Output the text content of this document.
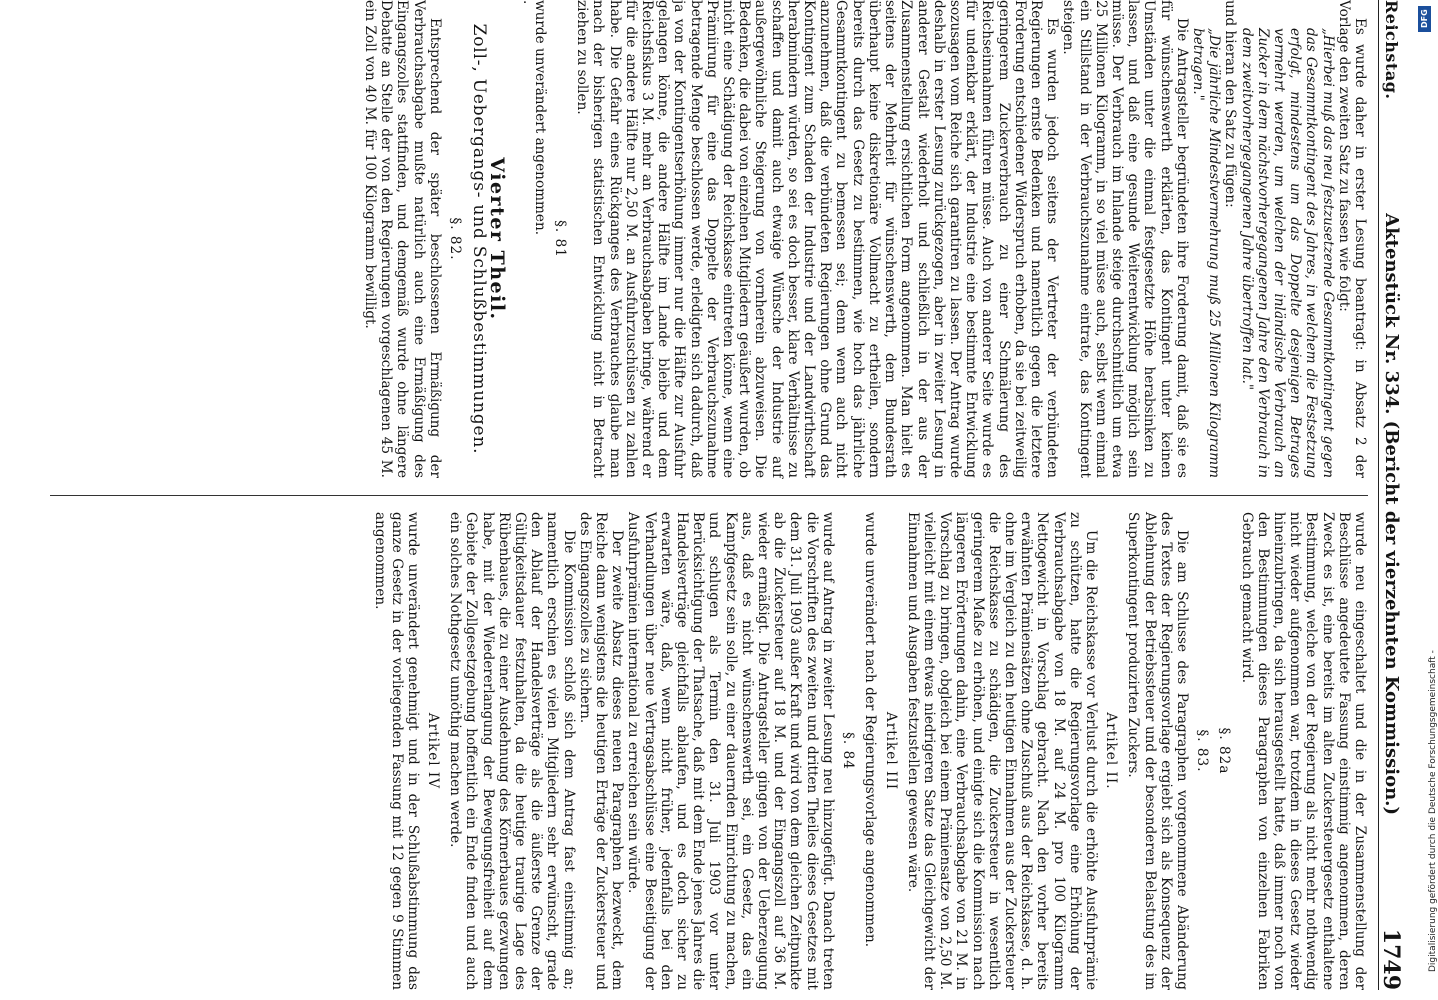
Reichstag.
Aktenstück Nr. 334. (Bericht der vierzehnten Kommission.)
1749

Es wurde daher in erster Lesung beantragt: in Absatz 2 der Vorlage den zweiten Satz zu fassen wie folgt:

„Hierbei muß das neu festzusetzende Gesammtkontingent gegen das Gesammtkontingent des Jahres, in welchem die Festsetzung erfolgt, mindestens um das Doppelte desjenigen Betrages vermehrt werden, um welchen der inländische Verbrauch an Zucker in dem nächstvorhergegangenen Jahre den Verbrauch in dem zweitvorhergegangenen Jahre übertroffen hat."

und hieran den Satz zu fügen:

„Die jährliche Mindestvermehrung muß 25 Millionen Kilogramm betragen."

Die Antragsteller begründeten ihre Forderung damit, daß sie es für wünschenswerth erklärten, das Kontingent unter keinen Umständen unter die einmal festgesetzte Höhe herabsinken zu lassen, und daß eine gesunde Weiterentwicklung möglich sein müsse. Der Verbrauch im Inlande steige durchschnittlich um etwa 25 Millionen Kilogramm, in so viel müsse auch, selbst wenn einmal ein Stillstand in der Verbrauchszunahme eintrate, das Kontingent steigen.

Es wurden jedoch seitens der Vertreter der verbündeten Regierungen ernste Bedenken und namentlich gegen die letztere Forderung entschiedener Widerspruch erhoben, da sie bei zeitweilig geringerem Zuckerverbrauch zu einer Schmälerung des Reichseinnahmen führen müsse. Auch von anderer Seite wurde es für undenkbar erklärt, der Industrie eine bestimmte Entwicklung sozusagen vom Reiche sich garantiren zu lassen. Der Antrag wurde deshalb in erster Lesung zurückgezogen, aber in zweiter Lesung in anderer Gestalt wiederholt und schließlich in der aus der Zusammenstellung ersichtlichen Form angenommen. Man hielt es seitens der Mehrheit für wünschenswerth, dem Bundesrath überhaupt keine diskretionäre Vollmacht zu ertheilen, sondern bereits durch das Gesetz zu bestimmen, wie hoch das jährliche Gesammtkontingent zu bemessen sei; denn wenn auch nicht anzunehmen, daß die verbündeten Regierungen ohne Grund das Kontingent zum Schaden der Industrie und der Landwirthschaft herabmindern würden, so sei es doch besser, klare Verhältnisse zu schaffen und damit auch etwaige Wünsche der Industrie auf außergewöhnliche Steigerung von vornherein abzuweisen. Die Bedenken, die dabei von einzelnen Mitgliedern geäußert wurden, ob nicht eine Schädigung der Reichskasse eintreten könne, wenn eine Prämiirung für eine das Doppelte der Verbrauchszunahme betragende Menge beschlossen werde, erledigten sich dadurch, daß ja von der Kontingentserhöhung immer nur die Hälfte zur Ausfuhr gelangen könne, die andere Hälfte im Lande bleibe und dem Reichsfiskus 3 M. mehr an Verbrauchsabgaben bringe, während er für die andere Hälfte nur 2,50 M. an Ausfuhrzuschüssen zu zahlen habe. Die Gefahr eines Rückganges des Verbrauches glaube man nach der bisherigen statistischen Entwicklung nicht in Betracht ziehen zu sollen.

§. 81

wurde unverändert angenommen.

·

Vierter Theil.
Zoll-, Uebergangs- und Schlußbestimmungen.
§. 82.

Entsprechend der später beschlossenen Ermäßigung der Verbrauchsabgabe mußte natürlich auch eine Ermäßigung des Eingangszolles stattfinden, und demgemäß wurde ohne längere Debatte an Stelle der von den Regierungen vorgeschlagenen 45 M. ein Zoll von 40 M. für 100 Kilogramm bewilligt.

wurde neu eingeschaltet und die in der Zusammenstellung der Beschlüsse angedeutete Fassung einstimmig angenommen, deren Zweck es ist, eine bereits im alten Zuckersteuergesetz enthaltene Bestimmung, welche von der Regierung als nicht mehr nothwendig nicht wieder aufgenommen war, trotzdem in dieses Gesetz wieder hineinzubringen, da sich herausgestellt hatte, daß immer noch von den Bestimmungen dieses Paragraphen von einzelnen Fabriken Gebrauch gemacht wird.

§. 82a
§. 83.

Die am Schlusse des Paragraphen vorgenommene Abänderung des Textes der Regierungsvorlage ergiebt sich als Konsequenz der Ablehnung der Betriebssteuer und der besonderen Belastung des im Superkontingent produzirten Zuckers.

Artikel II.

Um die Reichskasse vor Verlust durch die erhöhte Ausfuhrprämie zu schützen, hatte die Regierungsvorlage eine Erhöhung der Verbrauchsabgabe von 18 M. auf 24 M. pro 100 Kilogramm Nettogewicht in Vorschlag gebracht. Nach den vorher bereits erwähnten Prämiensätzen ohne Zuschuß aus der Reichskasse, d. h. ohne im Vergleich zu den heutigen Einnahmen aus der Zuckersteuer die Reichskasse zu schädigen, die Zuckersteuer in wesentlich geringerem Maße zu erhöhen, und einigte sich die Kommission nach längeren Erörterungen dahin, eine Verbrauchsabgabe von 21 M. in Vorschlag zu bringen, obgleich bei einem Prämiensatze von 2,50 M. vielleicht mit einem etwas niedrigeren Satze das Gleichgewicht der Einnahmen und Ausgaben festzustellen gewesen wäre.

Artikel III

wurde unverändert nach der Regierungsvorlage angenommen.

§. 84

wurde auf Antrag in zweiter Lesung neu hinzugefügt. Danach treten die Vorschriften des zweiten und dritten Theiles dieses Gesetzes mit dem 31. Juli 1903 außer Kraft und wird von dem gleichen Zeitpunkte ab die Zuckersteuer auf 18 M. und der Eingangszoll auf 36 M. wieder ermäßigt. Die Antragsteller gingen von der Ueberzeugung aus, daß es nicht wünschenswerth sei, ein Gesetz, das ein Kampfgesetz sein solle, zu einer dauernden Einrichtung zu machen, und schlugen als Termin den 31. Juli 1903 vor unter Berücksichtigung der Thatsache, daß mit dem Ende jenes Jahres die Handelsverträge gleichfalls ablaufen, und es doch sicher zu erwarten wäre, daß, wenn nicht früher, jedenfalls bei den Verhandlungen über neue Vertragsabschlüsse eine Beseitigung der Ausfuhrprämien international zu erreichen sein würde.

Der zweite Absatz dieses neuen Paragraphen bezweckt, dem Reiche dann wenigstens die heutigen Erträge der Zuckersteuer und des Eingangszolles zu sichern.

Die Kommission schloß sich dem Antrag fast einstimmig an; namentlich erschien es vielen Mitgliedern sehr erwünscht, grade den Ablauf der Handelsverträge als die äußerste Grenze der Gültigkeitsdauer festzuhalten, da die heutige traurige Lage des Rübenbaues, die zu einer Ausdehnung des Körnerbaues gezwungen habe, mit der Wiedererlangung der Bewegungsfreiheit auf dem Gebiete der Zollgesetzgebung hoffentlich ein Ende finden und auch ein solches Nothgesetz unnöthig machen werde.

Artikel IV

wurde unverändert genehmigt und in der Schlußabstimmung das ganze Gesetz in der vorliegenden Fassung mit 12 gegen 9 Stimmen angenommen.

DFG
Digitalisierung gefördert durch die Deutsche Forschungsgemeinschaft -
